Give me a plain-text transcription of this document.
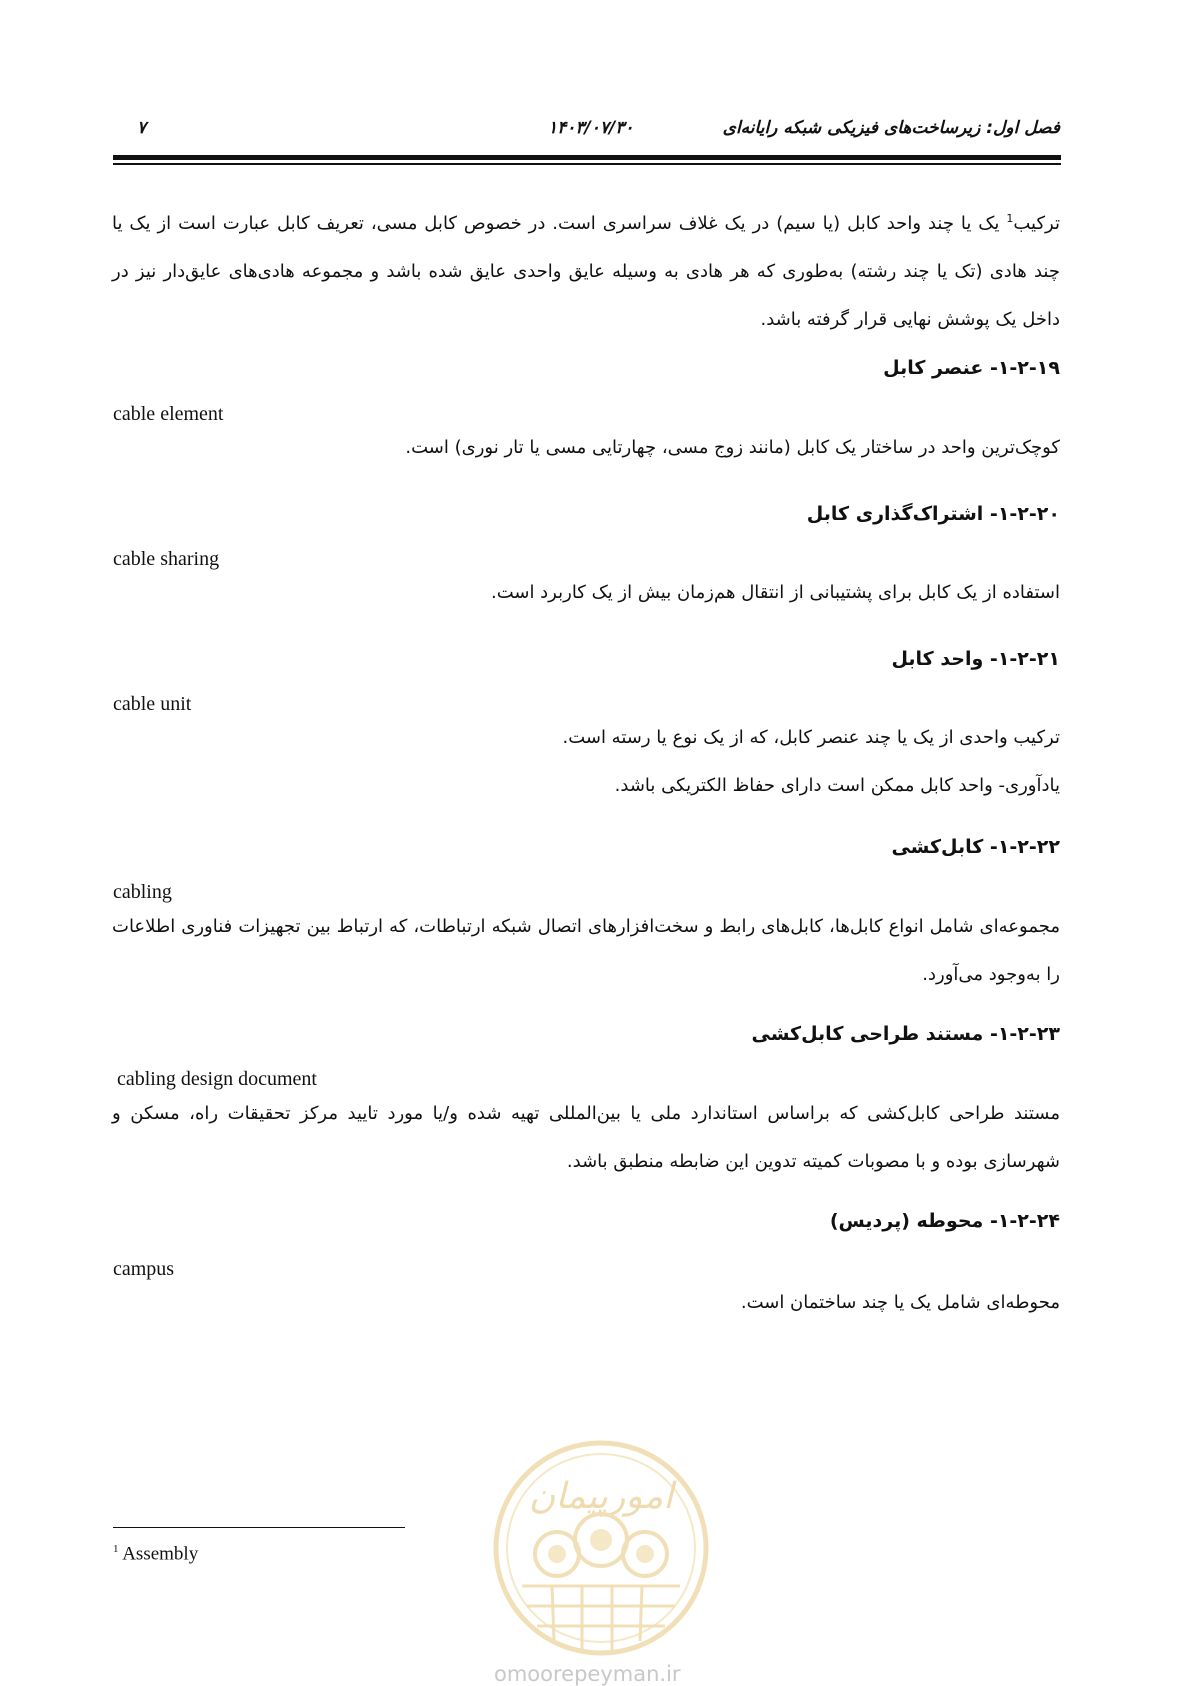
فصل اول: زیرساخت‌های فیزیکی شبکه رایانه‌ای
۱۴۰۳/۰۷/۳۰
۷
ترکیب$^1$ یک یا چند واحد کابل (یا سیم) در یک غلاف سراسری است. در خصوص کابل مسی، تعریف کابل عبارت است از یک یا چند هادی (تک یا چند رشته) به‌طوری که هر هادی به وسیله عایق واحدی عایق شده باشد و مجموعه هادی‌های عایق‌دار نیز در داخل یک پوشش نهایی قرار گرفته باشد.
۱-۲-۱۹- عنصر کابل
cable element
کوچک‌ترین واحد در ساختار یک کابل (مانند زوج مسی، چهارتایی مسی یا تار نوری) است.
۱-۲-۲۰- اشتراک‌گذاری کابل
cable sharing
استفاده از یک کابل برای پشتیبانی از انتقال هم‌زمان بیش از یک کاربرد است.
۱-۲-۲۱- واحد کابل
cable unit
ترکیب واحدی از یک یا چند عنصر کابل، که از یک نوع یا رسته است.
یادآوری- واحد کابل ممکن است دارای حفاظ الکتریکی باشد.
۱-۲-۲۲- کابل‌کشی
cabling
مجموعه‌ای شامل انواع کابل‌ها، کابل‌های رابط و سخت‌افزارهای اتصال شبکه ارتباطات، که ارتباط بین تجهیزات فناوری اطلاعات را به‌وجود می‌آورد.
۱-۲-۲۳- مستند طراحی کابل‌کشی
cabling design document
مستند طراحی کابل‌کشی که براساس استاندارد ملی یا بین‌المللی تهیه شده و/یا مورد تایید مرکز تحقیقات راه، مسکن و شهرسازی بوده و با مصوبات کمیته تدوین این ضابطه منطبق باشد.
۱-۲-۲۴- محوطه (پردیس)
campus
محوطه‌ای شامل یک یا چند ساختمان است.
امورپیمان
omoorepeyman.ir
$^1$ Assembly
